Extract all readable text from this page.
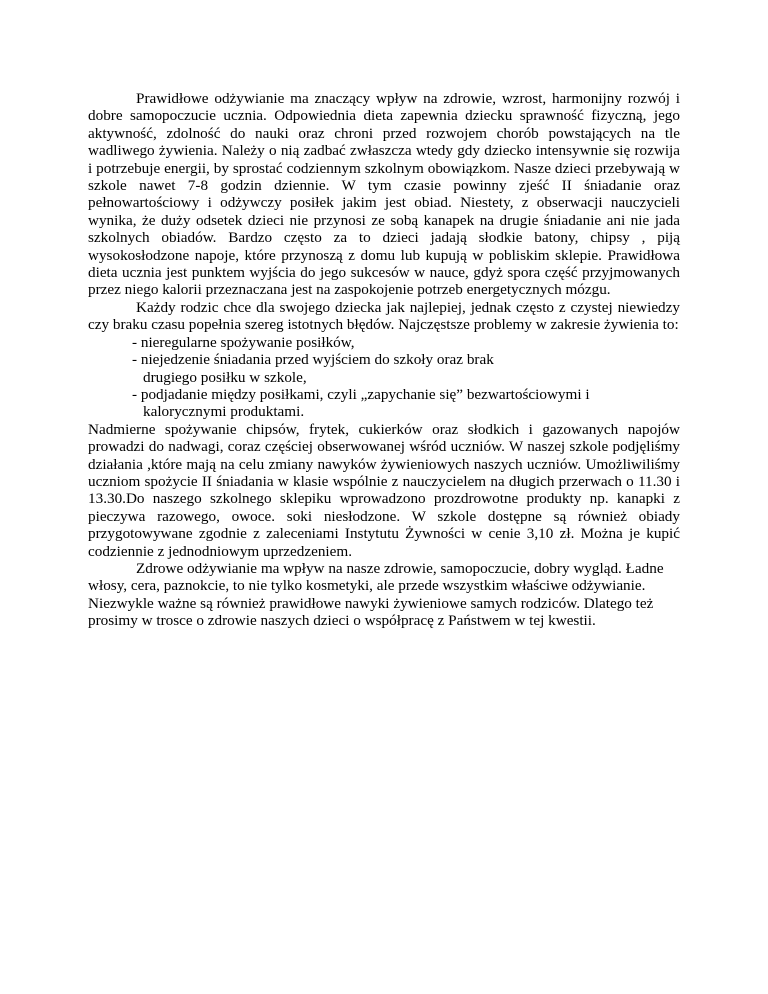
Prawidłowe odżywianie ma znaczący wpływ na zdrowie, wzrost, harmonijny rozwój i dobre samopoczucie ucznia. Odpowiednia dieta zapewnia dziecku sprawność fizyczną, jego aktywność, zdolność do nauki oraz chroni przed rozwojem chorób powstających na tle wadliwego żywienia. Należy o nią zadbać zwłaszcza wtedy gdy dziecko intensywnie się rozwija i potrzebuje energii, by sprostać codziennym szkolnym obowiązkom. Nasze dzieci przebywają w szkole nawet 7-8 godzin dziennie. W tym czasie powinny zjeść II śniadanie oraz pełnowartościowy i odżywczy posiłek jakim jest obiad. Niestety, z obserwacji nauczycieli wynika, że duży odsetek dzieci nie przynosi ze sobą kanapek na drugie śniadanie ani nie jada szkolnych obiadów. Bardzo często za to dzieci jadają słodkie batony, chipsy , piją wysokosłodzone napoje, które przynoszą z domu lub kupują w pobliskim sklepie. Prawidłowa dieta ucznia jest punktem wyjścia do jego sukcesów w nauce, gdyż spora część przyjmowanych przez niego kalorii przeznaczana jest na zaspokojenie potrzeb energetycznych mózgu.

Każdy rodzic chce dla swojego dziecka jak najlepiej, jednak często z czystej niewiedzy czy braku czasu popełnia szereg istotnych błędów. Najczęstsze problemy w zakresie żywienia to:

- nieregularne spożywanie posiłków,
- niejedzenie śniadania przed wyjściem do szkoły oraz brak drugiego posiłku w szkole,
- podjadanie między posiłkami, czyli „zapychanie się” bezwartościowymi i kalorycznymi produktami.

Nadmierne spożywanie chipsów, frytek, cukierków oraz słodkich i gazowanych napojów prowadzi do nadwagi, coraz częściej obserwowanej wśród uczniów. W naszej szkole podjęliśmy działania ,które mają na celu zmiany nawyków żywieniowych naszych uczniów. Umożliwiliśmy uczniom spożycie II śniadania w klasie wspólnie z nauczycielem na długich przerwach o 11.30 i 13.30.Do naszego szkolnego sklepiku wprowadzono prozdrowotne produkty np. kanapki z pieczywa razowego, owoce. soki niesłodzone. W szkole dostępne są również obiady przygotowywane zgodnie z zaleceniami Instytutu Żywności w cenie 3,10 zł. Można je kupić codziennie z jednodniowym uprzedzeniem.

Zdrowe odżywianie ma wpływ na nasze zdrowie, samopoczucie, dobry wygląd. Ładne włosy, cera, paznokcie, to nie tylko kosmetyki, ale przede wszystkim właściwe odżywianie. Niezwykle ważne są również prawidłowe nawyki żywieniowe samych rodziców. Dlatego też prosimy w trosce o zdrowie naszych dzieci o współpracę z Państwem w tej kwestii.
